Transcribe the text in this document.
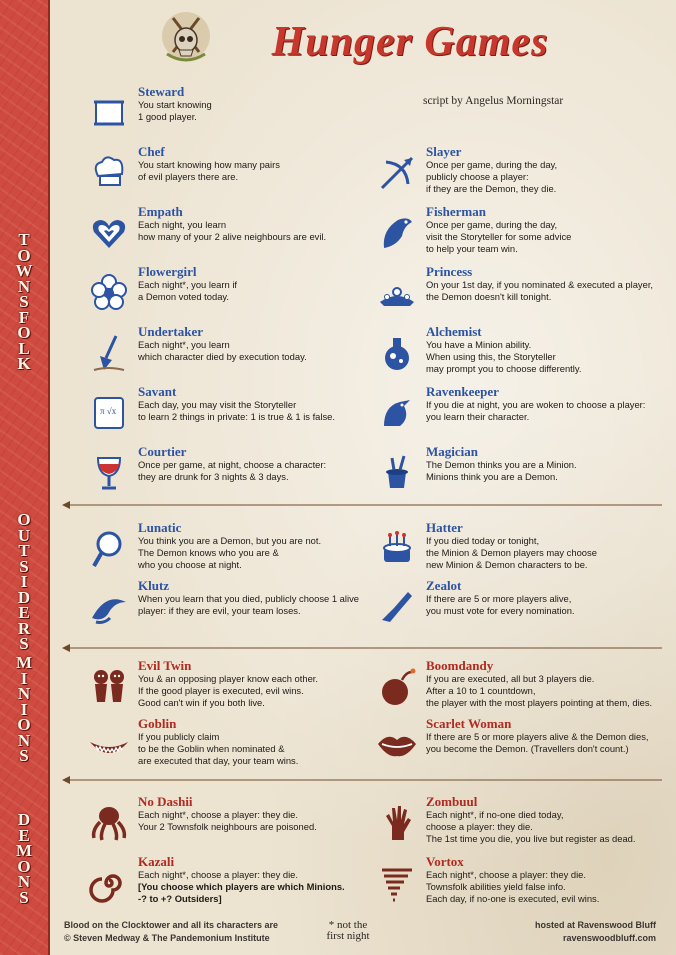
T
O
W
N
S
F
O
L
K
O
U
T
S
I
D
E
R
S
M
I
N
I
O
N
S
D
E
M
O
N
S
Hunger Games
script by Angelus Morningstar
Steward
You start knowing
1 good player.
Chef
You start knowing how many pairs
of evil players there are.
Empath
Each night, you learn
how many of your 2 alive neighbours are evil.
Flowergirl
Each night*, you learn if
a Demon voted today.
Undertaker
Each night*, you learn
which character died by execution today.
π √x
Savant
Each day, you may visit the Storyteller
to learn 2 things in private: 1 is true & 1 is false.
Courtier
Once per game, at night, choose a character:
they are drunk for 3 nights & 3 days.
Slayer
Once per game, during the day,
publicly choose a player:
if they are the Demon, they die.
Fisherman
Once per game, during the day,
visit the Storyteller for some advice
to help your team win.
Princess
On your 1st day, if you nominated & executed a player,
the Demon doesn't kill tonight.
Alchemist
You have a Minion ability.
When using this, the Storyteller
may prompt you to choose differently.
Ravenkeeper
If you die at night, you are woken to choose a player:
you learn their character.
Magician
The Demon thinks you are a Minion.
Minions think you are a Demon.
Lunatic
You think you are a Demon, but you are not.
The Demon knows who you are &
who you choose at night.
Klutz
When you learn that you died, publicly choose 1 alive
player: if they are evil, your team loses.
Hatter
If you died today or tonight,
the Minion & Demon players may choose
new Minion & Demon characters to be.
Zealot
If there are 5 or more players alive,
you must vote for every nomination.
Evil Twin
You & an opposing player know each other.
If the good player is executed, evil wins.
Good can't win if you both live.
Goblin
If you publicly claim
to be the Goblin when nominated &
are executed that day, your team wins.
Boomdandy
If you are executed, all but 3 players die.
After a 10 to 1 countdown,
the player with the most players pointing at them, dies.
Scarlet Woman
If there are 5 or more players alive & the Demon dies,
you become the Demon. (Travellers don't count.)
No Dashii
Each night*, choose a player: they die.
Your 2 Townsfolk neighbours are poisoned.
Kazali
Each night*, choose a player: they die.
[You choose which players are which Minions.
-? to +? Outsiders]
Zombuul
Each night*, if no-one died today,
choose a player: they die.
The 1st time you die, you live but register as dead.
Vortox
Each night*, choose a player: they die.
Townsfolk abilities yield false info.
Each day, if no-one is executed, evil wins.
Blood on the Clocktower and all its characters are
© Steven Medway & The Pandemonium Institute
* not the
first night
hosted at Ravenswood Bluff
ravenswoodbluff.com
